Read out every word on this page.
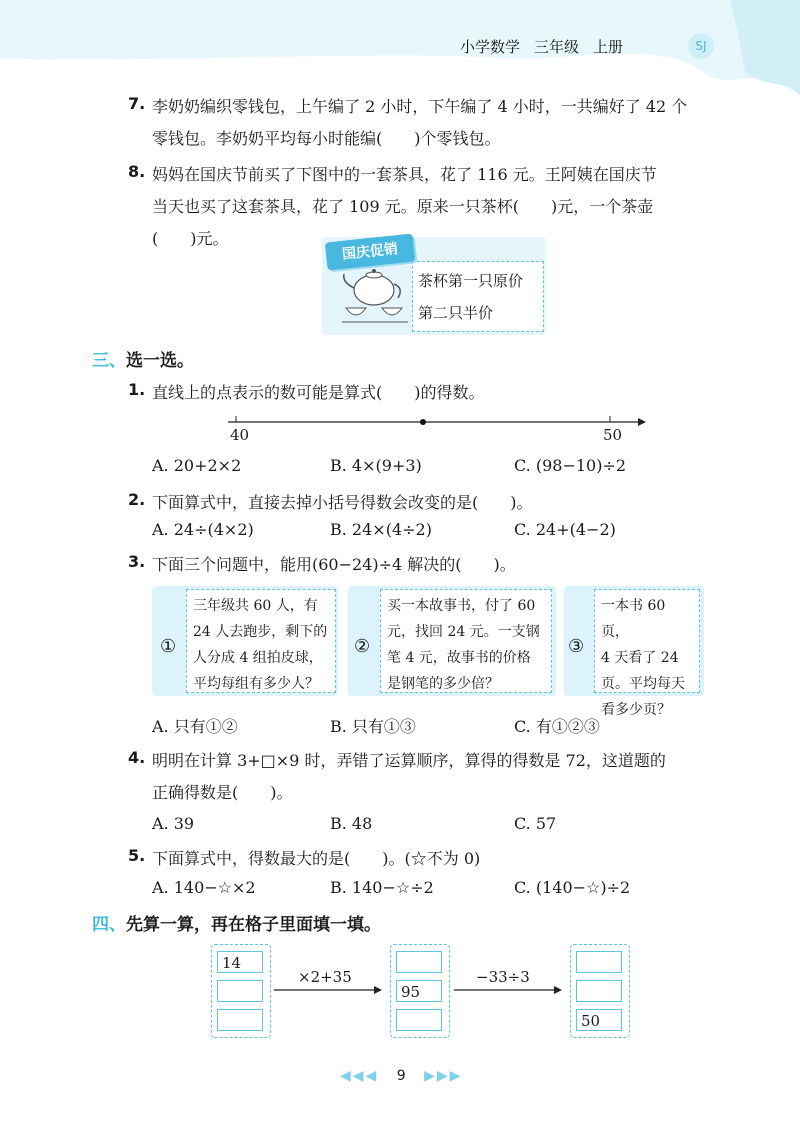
小学数学 三年级 上册	SJ
7. 李奶奶编织零钱包，上午编了 2 小时，下午编了 4 小时，一共编好了 42 个
零钱包。李奶奶平均每小时能编(　　)个零钱包。
8. 妈妈在国庆节前买了下图中的一套茶具，花了 116 元。王阿姨在国庆节
当天也买了这套茶具，花了 109 元。原来一只茶杯(　　)元，一个茶壶
(　　)元。
茶杯第一只原价
第二只半价
国庆促销
三、选一选。
1. 直线上的点表示的数可能是算式(　　)的得数。
40	50
A. 20+2×2	B. 4×(9+3)	C. (98−10)÷2
2. 下面算式中，直接去掉小括号得数会改变的是(　　)。
A. 24÷(4×2)	B. 24×(4÷2)	C. 24+(4−2)
3. 下面三个问题中，能用(60−24)÷4 解决的(　　)。
①
三年级共 60 人，有
24 人去跑步，剩下的
人分成 4 组拍皮球，
平均每组有多少人？
②
买一本故事书，付了 60
元，找回 24 元。一支钢
笔 4 元，故事书的价格
是钢笔的多少倍？
③
一本书 60 页，
4 天看了 24
页。平均每天
看多少页？
A. 只有①②	B. 只有①③	C. 有①②③
4. 明明在计算 3+□×9 时，弄错了运算顺序，算得的得数是 72，这道题的
正确得数是(　　)。
A. 39	B. 48	C. 57
5. 下面算式中，得数最大的是(　　)。(☆不为 0)
A. 140−☆×2	B. 140−☆÷2	C. (140−☆)÷2
四、先算一算，再在格子里面填一填。
14
×2+35
95
−33÷3
50
◀◀◀ 9 ▶▶▶
